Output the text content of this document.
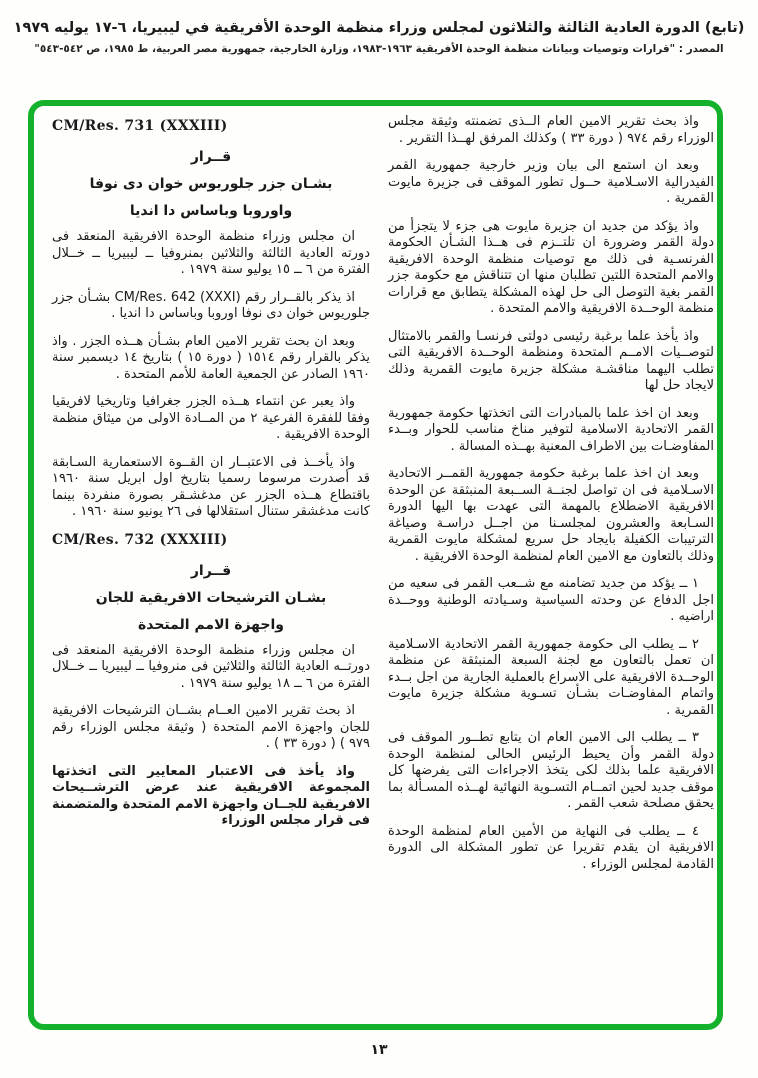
(تابع) الدورة العادية الثالثة والثلاثون لمجلس وزراء منظمة الوحدة الأفريقية في ليبيريا، ٦-١٧ يوليه ١٩٧٩

المصدر : "قرارات وتوصيات وبيانات منظمة الوحدة الأفريقية ١٩٦٣-١٩٨٣، وزارة الخارجية، جمهورية مصر العربية، ط ١٩٨٥، ص ٥٤٢-٥٤٣"

CM/Res. 731 (XXXIII)

قــرار

بشـان جزر جلوريوس خوان دى نوفا

واوروبا وباساس دا انديا

ان مجلس وزراء منظمة الوحدة الافريقية المنعقد فى دورته العادية الثالثة والثلاثين بمنروفيا ــ ليبيريا ــ خــلال الفترة من ٦ ــ ١٥ يوليو سنة ١٩٧٩ .

اذ يذكر بالقــرار رقم CM/Res. 642 (XXXI) بشـأن جزر جلوريوس خوان دى نوفا اوروبا وباساس دا انديا .

وبعد ان بحث تقرير الامين العام بشـأن هــذه الجزر . واذ يذكر بالقرار رقم ١٥١٤ ( دورة ١٥ ) بتاريخ ١٤ ديسمبر سنة ١٩٦٠ الصادر عن الجمعية العامة للأمم المتحدة .

واذ يعبر عن انتماء هــذه الجزر جغرافيا وتاريخيا لافريقيا وفقا للفقرة الفرعية ٢ من المــادة الاولى من ميثاق منظمة الوحدة الافريقية .

واذ يأخــذ فى الاعتبــار ان القــوة الاستعمارية السـابقة قد أصدرت مرسوما رسميا بتاريخ اول ابريل سنة ١٩٦٠ باقتطاع هــذه الجزر عن مدغشـقر بصورة منفردة بينما كانت مدغشقر ستنال استقلالها فى ٢٦ يونيو سنة ١٩٦٠ .

CM/Res. 732 (XXXIII)

قــرار

بشـان الترشيحات الافريقية للجان

واجهزة الامم المتحدة

ان مجلس وزراء منظمة الوحدة الافريقية المنعقد فى دورتــه العادية الثالثة والثلاثين فى منروفيا ــ ليبيريا ــ خــلال الفترة من ٦ ــ ١٨ يوليو سنة ١٩٧٩ .

اذ بحث تقرير الامين العــام بشــان الترشيحات الافريقية للجان واجهزة الامم المتحدة ( وثيقة مجلس الوزراء رقم ٩٧٩ ) ( دورة ٣٣ ) .

واذ يأخذ فى الاعتبار المعايير التى اتخذتها المجموعة الافريقية عند عرض الترشــيحات الافريقية للجــان واجهزة الامم المتحدة والمتضمنة فى قرار مجلس الوزراء

واذ بحث تقرير الامين العام الــذى تضمنته وثيقة مجلس الوزراء رقم ٩٧٤ ( دورة ٣٣ ) وكذلك المرفق لهــذا التقرير .

وبعد ان استمع الى بيان وزير خارجية جمهورية القمر الفيدرالية الاسـلامية حــول تطور الموقف فى جزيرة مايوت القمرية .

واذ يؤكد من جديد ان جزيرة مايوت هى جزء لا يتجزأ من دولة القمر وضرورة ان تلتــزم فى هــذا الشـأن الحكومة الفرنسـية فى ذلك مع توصيات منظمة الوحدة الافريقية والامم المتحدة اللتين تطلبان منها ان تتناقش مع حكومة جزر القمر بغية التوصل الى حل لهذه المشكلة يتطابق مع قرارات منظمة الوحــدة الافريقية والامم المتحدة .

واذ يأخذ علما برغبة رئيسى دولتى فرنسـا والقمر بالامتثال لتوصــيات الامــم المتحدة ومنظمة الوحــدة الافريقية التى تطلب اليهما مناقشـة مشكلة جزيرة مايوت القمرية وذلك لايجاد حل لها

وبعد ان اخذ علما بالمبادرات التى اتخذتها حكومة جمهورية القمر الاتحادية الاسلامية لتوفير مناخ مناسب للحوار وبــدء المفاوضـات بين الاطراف المعنية بهــذه المسالة .

وبعد ان اخذ علما برغبة حكومة جمهورية القمــر الاتحادية الاسـلامية فى ان تواصل لجنــة الســبعة المنبثقة عن الوحدة الافريقية الاضطلاع بالمهمة التى عهدت بها اليها الدورة السـابعة والعشرون لمجلسـنا من اجــل دراسـة وصياغة الترتيبات الكفيلة بايجاد حل سريع لمشكلة مايوت القمرية وذلك بالتعاون مع الامين العام لمنظمة الوحدة الافريقية .

١ ــ يؤكد من جديد تضامنه مع شــعب القمر فى سعيه من اجل الدفاع عن وحدته السياسية وسـيادته الوطنية ووحــدة اراضيه .

٢ ــ يطلب الى حكومة جمهورية القمر الاتحادية الاسـلامية ان تعمل بالتعاون مع لجنة السبعة المنبثقة عن منظمة الوحــدة الافريقية على الاسراع بالعملية الجارية من اجل بــدء واتمام المفاوضـات بشـأن تسـوية مشكلة جزيرة مايوت القمرية .

٣ ــ يطلب الى الامين العام ان يتابع تطــور الموقف فى دولة القمر وأن يحيط الرئيس الحالى لمنظمة الوحدة الافريقية علما بذلك لكى يتخذ الاجراءات التى يفرضها كل موقف جديد لحين اتمــام التسـوية النهائية لهــذه المسـألة بما يحقق مصلحة شعب القمر .

٤ ــ يطلب فى النهاية من الأمين العام لمنظمة الوحدة الافريقية ان يقدم تقريرا عن تطور المشكلة الى الدورة القادمة لمجلس الوزراء .

١٣
